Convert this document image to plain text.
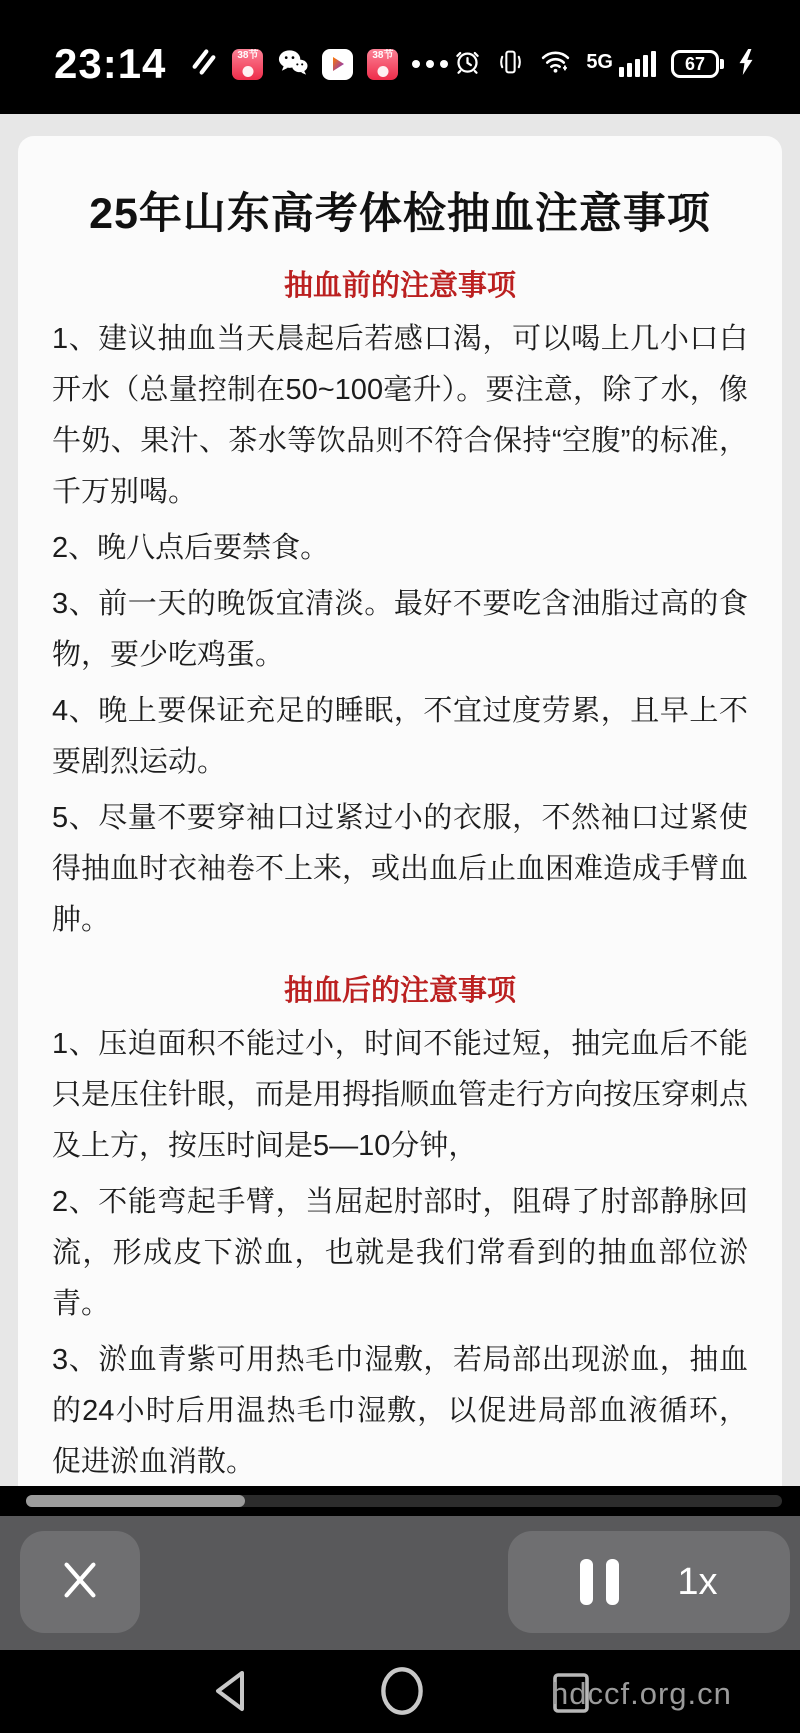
23:14	38节	38节	5G	67
25年山东高考体检抽血注意事项
抽血前的注意事项

1、建议抽血当天晨起后若感口渴，可以喝上几小口白开水（总量控制在50~100毫升）。要注意，除了水，像牛奶、果汁、茶水等饮品则不符合保持“空腹”的标准，千万别喝。

2、晚八点后要禁食。

3、前一天的晚饭宜清淡。最好不要吃含油脂过高的食物，要少吃鸡蛋。

4、晚上要保证充足的睡眠，不宜过度劳累，且早上不要剧烈运动。

5、尽量不要穿袖口过紧过小的衣服，不然袖口过紧使得抽血时衣袖卷不上来，或出血后止血困难造成手臂血肿。

抽血后的注意事项

1、压迫面积不能过小，时间不能过短，抽完血后不能只是压住针眼，而是用拇指顺血管走行方向按压穿刺点及上方，按压时间是5—10分钟，

2、不能弯起手臂，当屈起肘部时，阻碍了肘部静脉回流，形成皮下淤血，也就是我们常看到的抽血部位淤青。

3、淤血青紫可用热毛巾湿敷，若局部出现淤血，抽血的24小时后用温热毛巾湿敷，以促进局部血液循环，促进淤血消散。

1x
hdccf.org.cn
